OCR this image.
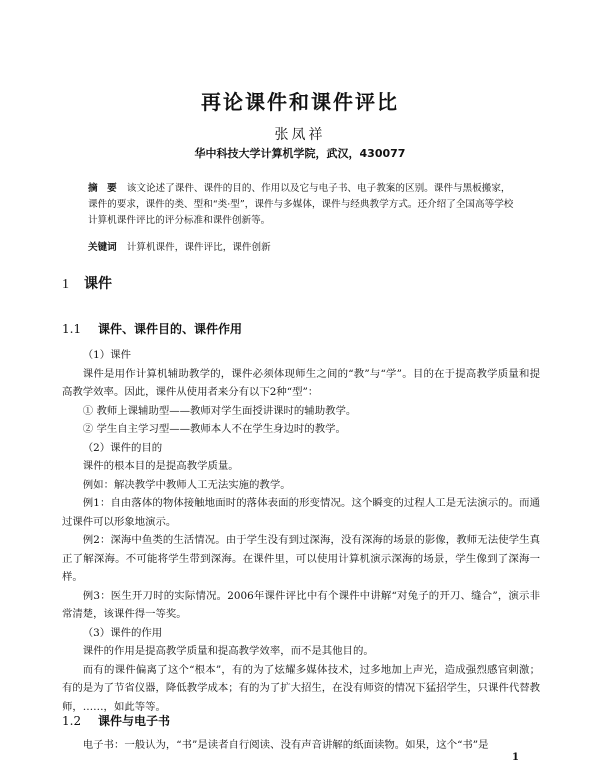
再论课件和课件评比
张凤祥
华中科技大学计算机学院，武汉，430077
摘　要 该文论述了课件、课件的目的、作用以及它与电子书、电子教案的区别。课件与黑板搬家，课件的要求，课件的类、型和“类·型”，课件与多媒体，课件与经典教学方式。还介绍了全国高等学校计算机课件评比的评分标准和课件创新等。
关键词 计算机课件，课件评比，课件创新
1 课件
1.1 课件、课件目的、课件作用

（1）课件

课件是用作计算机辅助教学的，课件必须体现师生之间的“教”与“学”。目的在于提高教学质量和提高教学效率。因此，课件从使用者来分有以下2种“型”：

① 教师上课辅助型——教师对学生面授讲课时的辅助教学。

② 学生自主学习型——教师本人不在学生身边时的教学。

（2）课件的目的

课件的根本目的是提高教学质量。

例如：解决教学中教师人工无法实施的教学。

例1：自由落体的物体接触地面时的落体表面的形变情况。这个瞬变的过程人工是无法演示的。而通过课件可以形象地演示。

例2：深海中鱼类的生活情况。由于学生没有到过深海，没有深海的场景的影像，教师无法使学生真正了解深海。不可能将学生带到深海。在课件里，可以使用计算机演示深海的场景，学生像到了深海一样。

例3：医生开刀时的实际情况。2006年课件评比中有个课件中讲解“对兔子的开刀、缝合”，演示非常清楚，该课件得一等奖。

（3）课件的作用

课件的作用是提高教学质量和提高教学效率，而不是其他目的。

而有的课件偏离了这个“根本”，有的为了炫耀多媒体技术，过多地加上声光，造成强烈感官刺激；有的是为了节省仪器，降低教学成本；有的为了扩大招生，在没有师资的情况下猛招学生，只课件代替教师，……，如此等等。

1.2 课件与电子书

电子书：一般认为，“书”是读者自行阅读、没有声音讲解的纸面读物。如果，这个“书”是

1
